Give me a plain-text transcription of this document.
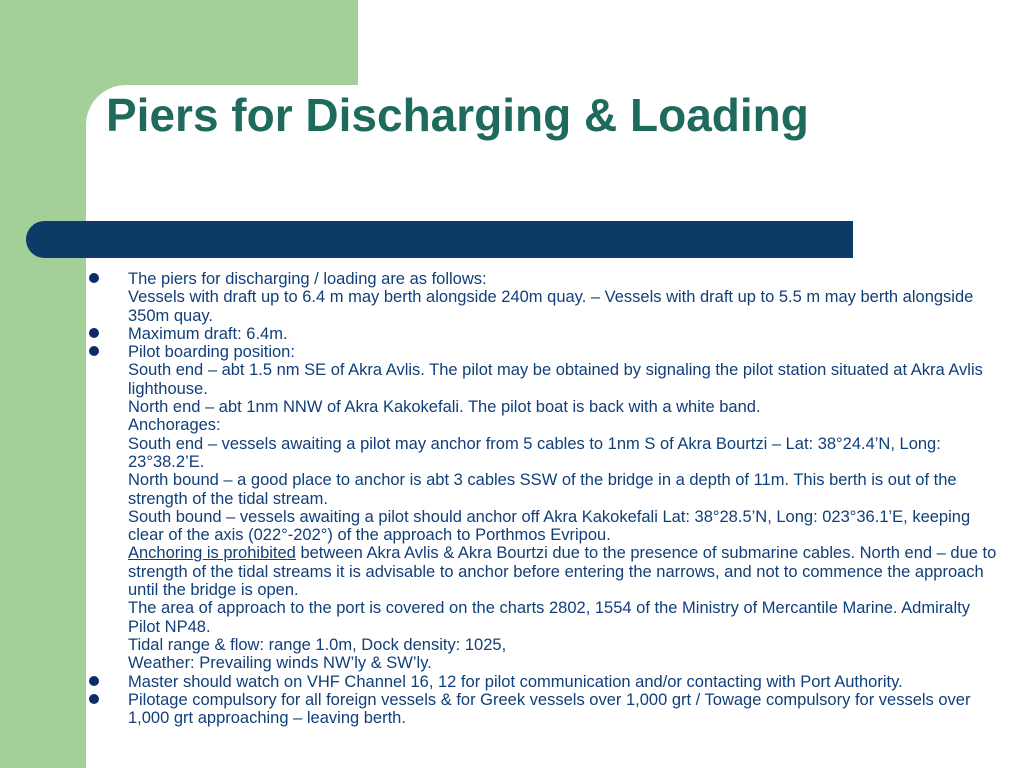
Piers for Discharging & Loading
The piers for discharging / loading are as follows:
Vessels with draft up to 6.4 m may berth alongside 240m quay. – Vessels with draft up to 5.5 m may berth alongside 350m quay.
Maximum draft: 6.4m.
Pilot boarding position:
South end – abt 1.5 nm SE of Akra Avlis. The pilot may be obtained by signaling the pilot station situated at Akra Avlis lighthouse.
North end – abt 1nm NNW of Akra Kakokefali. The pilot boat is back with a white band.
Anchorages:
South end – vessels awaiting a pilot may anchor from 5 cables to 1nm S of Akra Bourtzi – Lat: 38°24.4’N, Long: 23°38.2’E.
North bound – a good place to anchor is abt 3 cables SSW of the bridge in a depth of 11m. This berth is out of the strength of the tidal stream.
South bound – vessels awaiting a pilot should anchor off Akra Kakokefali Lat: 38°28.5’N, Long: 023°36.1’E, keeping clear of the axis (022°-202°) of the approach to Porthmos Evripou.
Anchoring is prohibited between Akra Avlis & Akra Bourtzi due to the presence of submarine cables. North end – due to strength of the tidal streams it is advisable to anchor before entering the narrows, and not to commence the approach until the bridge is open.
The area of approach to the port is covered on the charts 2802, 1554 of the Ministry of Mercantile Marine. Admiralty Pilot NP48.
Tidal range & flow: range 1.0m, Dock density: 1025,
Weather: Prevailing winds NW’ly & SW’ly.
Master should watch on VHF Channel 16, 12 for pilot communication and/or contacting with Port Authority.
Pilotage compulsory for all foreign vessels & for Greek vessels over 1,000 grt / Towage compulsory for vessels over 1,000 grt approaching – leaving berth.
